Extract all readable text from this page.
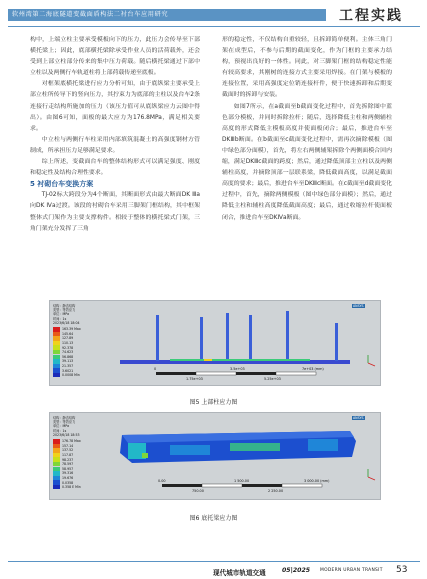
软州湾第二海底隧道变截面盾构法二衬台车应用研究	工程实践

构中，上端立柱主要承受模板向下的压力，此压力会传导至下部横托梁上；因此，底部横托梁除承受作业人员的活荷载外，还会受到上部立柱部分传来的集中压力荷载。随后横托梁通过下部中立柱以及两侧行车轨道柱将上部荷载传递至底板。

对框架底横托梁进行应力分析可知，由于底纵梁主要承受上部立柱所传导下的竖向压力，其拧束力为底部的主柱以及台车2条连接行走结构所施加的压力（该压力值可从底纵梁应力云图中得出）。由图6可知，面板的最大应力为176.8MPa，满足相关要求。

中立柱与两侧行车柱采用内部填筑混凝土的高强度钢材方管制成，所承担压力足够满足要求。

综上所述，变截面台车的整体结构形式可以满足强度、刚度和稳定性及结构合理性要求。

5 衬砌台车变换方案

TJ-02标大跨段分为4个断面，其断面形式由最大断面DK Ⅲa向DK Ⅳa过渡。该段的衬砌台车采用三脚架门框结构，其中框架整体式门架作为主要支撑构件。相较于整体的横托梁式门架，三角门架充分发挥了三角

形的稳定性，不仅结构自重较轻，且拆卸简单便利。主体三角门架在成型后，不参与后期的截面变化，作为门框的主要承力结构，预视出良好的一体性。同此，对三脚架门框的结构稳定性能有较高要求，其刚树的连接方式主要采用焊接。在门架与模板的连接位置，采用高强度定位销连接杆件，便于快速拆卸和后期变截面时的拆卸与安装。

如图7所示，在a截面至b截面变化过程中，首先拆除图中蓝色部分模板，并同时拆除拉杆；随后，选择降低主柱和两侧辅柱高度的形式降低主模板高度并使面板闭合；最后，推进台车至DKⅢb断面。在b截面至c截面变化过程中，需再次摘除模板（图中绿色部分面模），首先，将左右两侧辅架拆除个两侧面模合回内缩，满足DKⅢc截面的跨度；然后，通过降低顶部主立柱以及两侧辅柱高度，并摘除顶部一层联系梁，降低截面高度，以满足截面高度的要求；最后，推进台车至DKⅢc断面。在c截面至d截面变化过程中，首先，摘除两侧模板（图中绿色部分面模）；然后，通过降低主柱和辅柱高度降低截面高度；最后，通过收缩拉杆使面板闭合，推进台车至DKⅣa断面。

结构：静态结构
类型：等效应力
单位：MPa
时间：1s
2023/6/18 18:04
163.39 Max
145.64
127.89
110.13
92.378
74.623
56.868
39.113
21.357
3.6021
0.0008 Min
ANSYS
0	3.5e+03	7e+03 (mm)
1.75e+03	5.25e+03
图5 上部柱应力图
结构：静态结构
类型：等效应力
单位：MPa
时间：1s
2023/6/18 18:53
176.78 Max
157.14
137.52
117.87
98.237
78.597
58.957
39.316
19.676
0.0358
0.358 E Min
ANSYS
0.00	1 500.00	3 000.00 (mm)
750.00	2 250.00
图6 底托梁应力图
现代城市轨道交通	05|2025 MODERN URBAN TRANSIT 53
